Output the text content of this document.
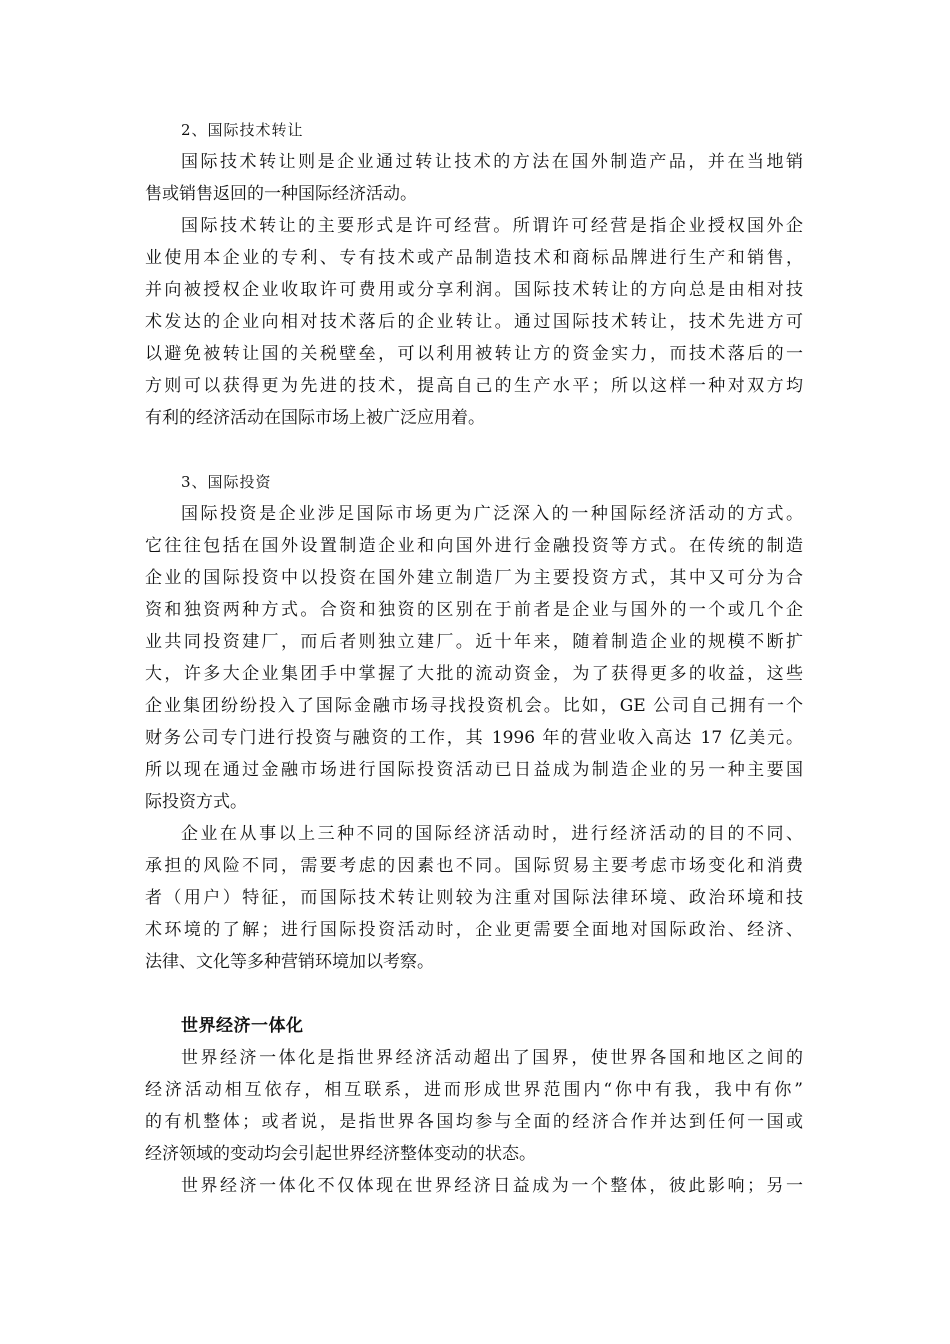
2、国际技术转让
国际技术转让则是企业通过转让技术的方法在国外制造产品，并在当地销
售或销售返回的一种国际经济活动。
国际技术转让的主要形式是许可经营。所谓许可经营是指企业授权国外企
业使用本企业的专利、专有技术或产品制造技术和商标品牌进行生产和销售，
并向被授权企业收取许可费用或分享利润。国际技术转让的方向总是由相对技
术发达的企业向相对技术落后的企业转让。通过国际技术转让，技术先进方可
以避免被转让国的关税壁垒，可以利用被转让方的资金实力，而技术落后的一
方则可以获得更为先进的技术，提高自己的生产水平；所以这样一种对双方均
有利的经济活动在国际市场上被广泛应用着。
3、国际投资
国际投资是企业涉足国际市场更为广泛深入的一种国际经济活动的方式。
它往往包括在国外设置制造企业和向国外进行金融投资等方式。在传统的制造
企业的国际投资中以投资在国外建立制造厂为主要投资方式，其中又可分为合
资和独资两种方式。合资和独资的区别在于前者是企业与国外的一个或几个企
业共同投资建厂，而后者则独立建厂。近十年来，随着制造企业的规模不断扩
大，许多大企业集团手中掌握了大批的流动资金，为了获得更多的收益，这些
企业集团纷纷投入了国际金融市场寻找投资机会。比如，GE 公司自己拥有一个
财务公司专门进行投资与融资的工作，其 1996 年的营业收入高达 17 亿美元。
所以现在通过金融市场进行国际投资活动已日益成为制造企业的另一种主要国
际投资方式。
企业在从事以上三种不同的国际经济活动时，进行经济活动的目的不同、
承担的风险不同，需要考虑的因素也不同。国际贸易主要考虑市场变化和消费
者（用户）特征，而国际技术转让则较为注重对国际法律环境、政治环境和技
术环境的了解；进行国际投资活动时，企业更需要全面地对国际政治、经济、
法律、文化等多种营销环境加以考察。
世界经济一体化
世界经济一体化是指世界经济活动超出了国界，使世界各国和地区之间的
经济活动相互依存，相互联系，进而形成世界范围内“你中有我，我中有你”
的有机整体；或者说，是指世界各国均参与全面的经济合作并达到任何一国或
经济领域的变动均会引起世界经济整体变动的状态。
世界经济一体化不仅体现在世界经济日益成为一个整体，彼此影响；另一
